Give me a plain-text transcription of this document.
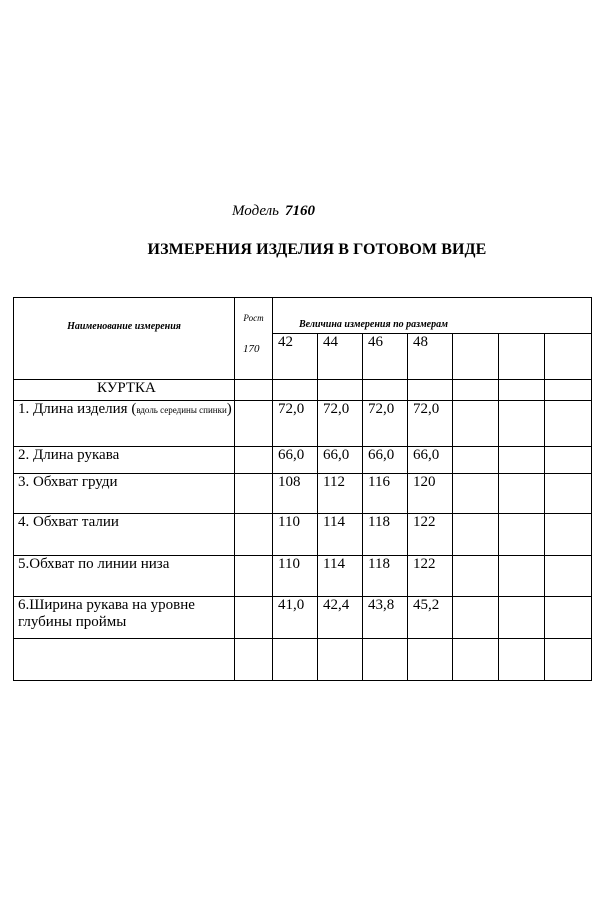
Модель 7160
ИЗМЕРЕНИЯ ИЗДЕЛИЯ В ГОТОВОМ ВИДЕ
Наименование измерения	Рост
170	Величина измерения по размерам						

		42	44	46	48			
КУРТКА								
1. Длина изделия (вдоль середины спинки)		72,0	72,0	72,0	72,0			
2. Длина рукава		66,0	66,0	66,0	66,0			
3. Обхват груди		108	112	116	120			
4. Обхват талии		110	114	118	122			
5.Обхват по линии низа		110	114	118	122			
6.Ширина рукава на уровне глубины проймы		41,0	42,4	43,8	45,2			
